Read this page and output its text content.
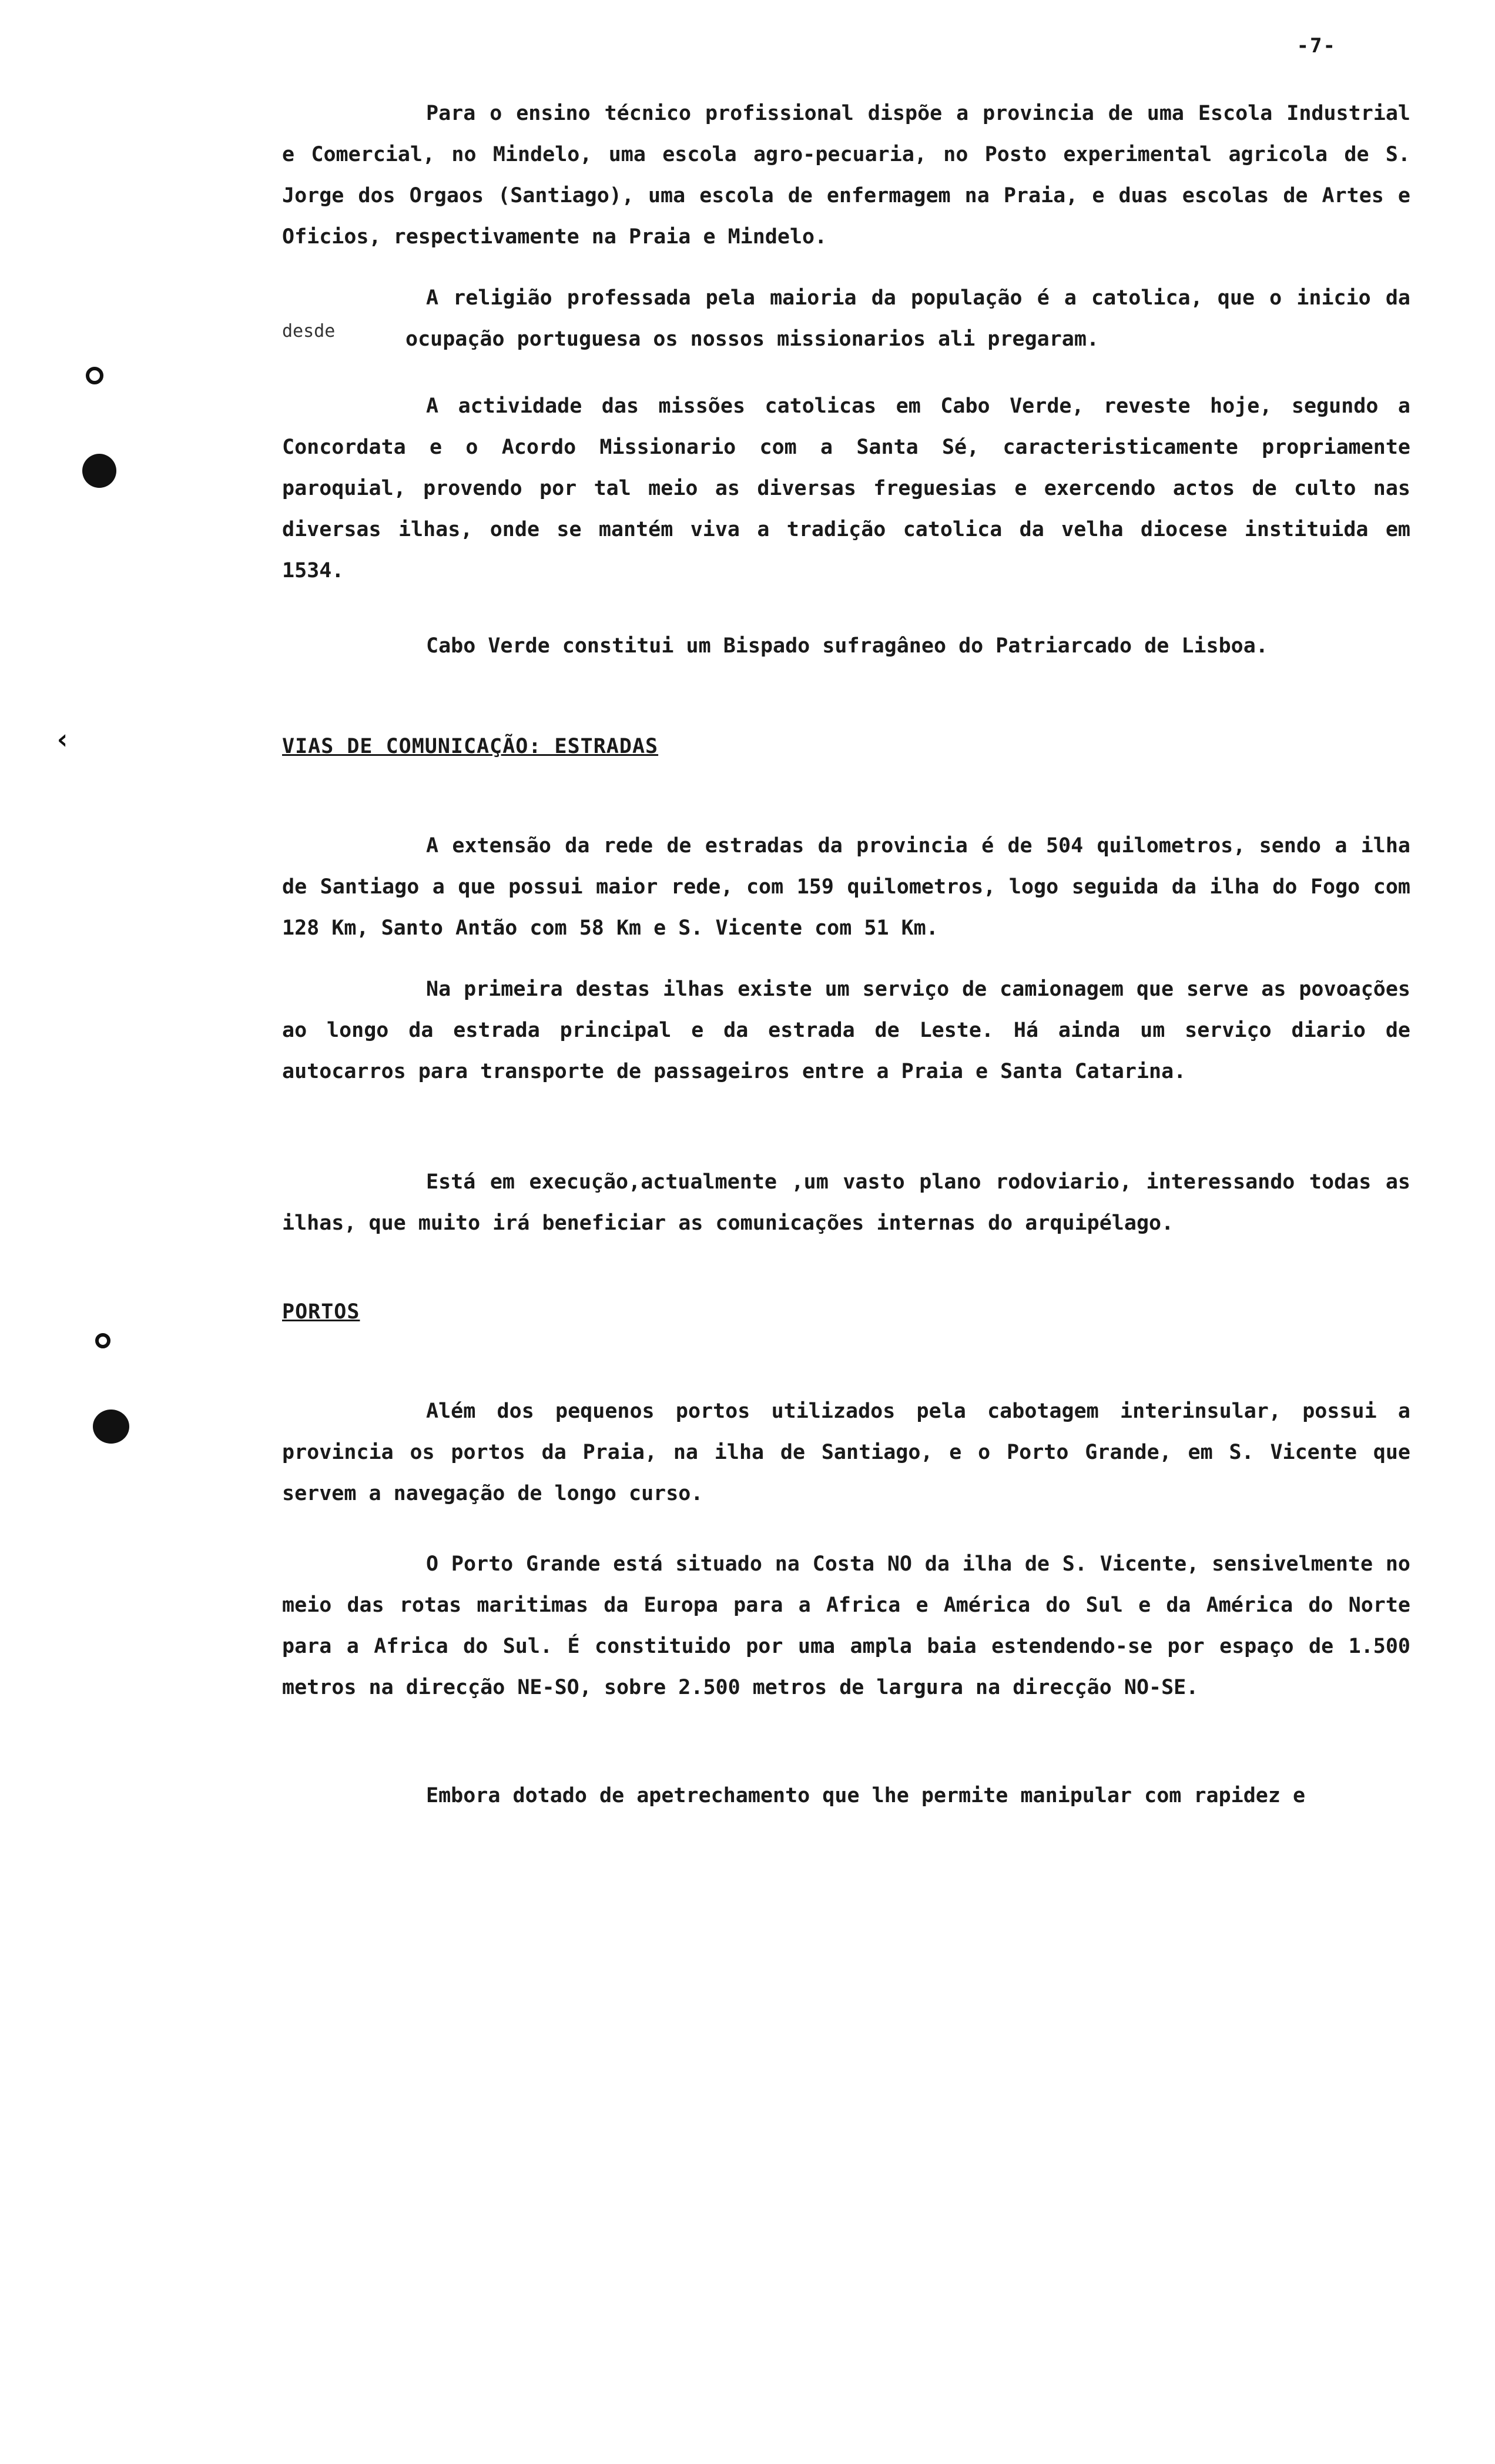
‹
-7-
Para o ensino técnico profissional dispõe a provincia de uma Escola Industrial e Comercial, no Mindelo, uma escola agro-pecuaria, no Posto experimental agricola de S. Jorge dos Orgaos (Santiago), uma escola de enfermagem na Praia, e duas escolas de Artes e Oficios, respectivamente na Praia e Mindelo.
desde
A religião professada pela maioria da população é a catolica, que o inicio da ocupação portuguesa os nossos missionarios ali pregaram.
A actividade das missões catolicas em Cabo Verde, reveste hoje, segundo a Concordata e o Acordo Missionario com a Santa Sé, caracteristicamente propriamente paroquial, provendo por tal meio as diversas freguesias e exercendo actos de culto nas diversas ilhas, onde se mantém viva a tradição catolica da velha diocese instituida em 1534.
Cabo Verde constitui um Bispado sufragâneo do Patriarcado de Lisboa.
VIAS DE COMUNICAÇÃO: ESTRADAS
A extensão da rede de estradas da provincia é de 504 quilometros, sendo a ilha de Santiago a que possui maior rede, com 159 quilometros, logo seguida da ilha do Fogo com 128 Km, Santo Antão com 58 Km e S. Vicente com 51 Km.
Na primeira destas ilhas existe um serviço de camionagem que serve as povoações ao longo da estrada principal e da estrada de Leste. Há ainda um serviço diario de autocarros para transporte de passageiros entre a Praia e Santa Catarina.
Está em execução,actualmente ,um vasto plano rodoviario, interessando todas as ilhas, que muito irá beneficiar as comunicações internas do arquipélago.
PORTOS
Além dos pequenos portos utilizados pela cabotagem interinsular, possui a provincia os portos da Praia, na ilha de Santiago, e o Porto Grande, em S. Vicente que servem a navegação de longo curso.
O Porto Grande está situado na Costa NO da ilha de S. Vicente, sensivelmente no meio das rotas maritimas da Europa para a Africa e América do Sul e da América do Norte para a Africa do Sul. É constituido por uma ampla baia estendendo-se por espaço de 1.500 metros na direcção NE-SO, sobre 2.500 metros de largura na direcção NO-SE.
Embora dotado de apetrechamento que lhe permite manipular com rapidez e
